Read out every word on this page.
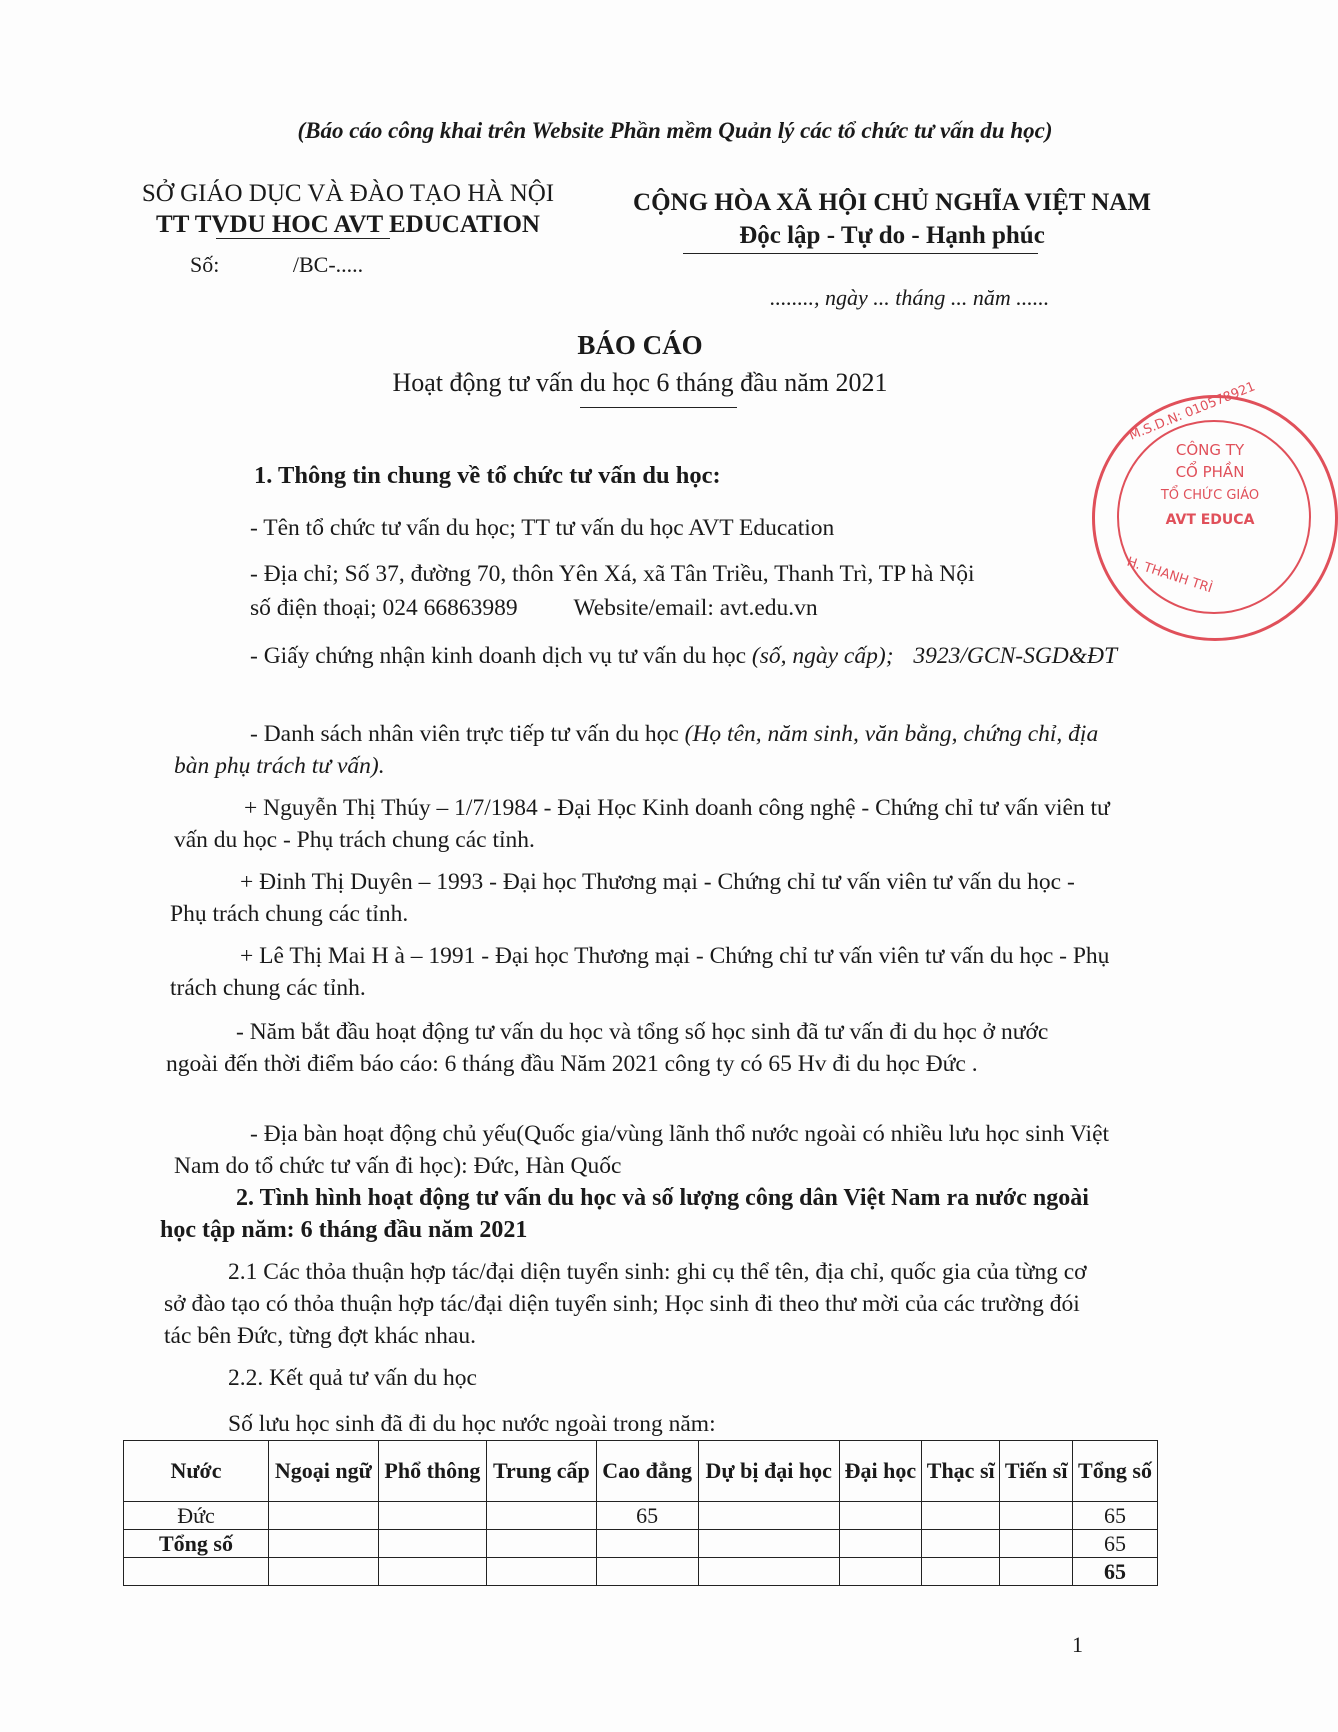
(Báo cáo công khai trên Website Phần mềm Quản lý các tổ chức tư vấn du học)
SỞ GIÁO DỤC VÀ ĐÀO TẠO HÀ NỘI
TT TVDU HOC AVT EDUCATION
Số:	/BC-.....
CỘNG HÒA XÃ HỘI CHỦ NGHĨA VIỆT NAM
Độc lập - Tự do - Hạnh phúc
........, ngày ... tháng ... năm ......
BÁO CÁO
Hoạt động tư vấn du học 6 tháng đầu năm 2021
1. Thông tin chung về tổ chức tư vấn du học:
- Tên tổ chức tư vấn du học; TT tư vấn du học AVT Education
- Địa chỉ; Số 37, đường 70, thôn Yên Xá, xã Tân Triều, Thanh Trì, TP hà Nội
số điện thoại; 024 66863989 Website/email: avt.edu.vn
- Giấy chứng nhận kinh doanh dịch vụ tư vấn du học (số, ngày cấp); 3923/GCN-SGD&ĐT
- Danh sách nhân viên trực tiếp tư vấn du học (Họ tên, năm sinh, văn bằng, chứng chỉ, địa bàn phụ trách tư vấn).
+ Nguyễn Thị Thúy – 1/7/1984 - Đại Học Kinh doanh công nghệ - Chứng chỉ tư vấn viên tư vấn du học - Phụ trách chung các tỉnh.
+ Đinh Thị Duyên – 1993 - Đại học Thương mại - Chứng chỉ tư vấn viên tư vấn du học - Phụ trách chung các tỉnh.
+ Lê Thị Mai H à – 1991 - Đại học Thương mại - Chứng chỉ tư vấn viên tư vấn du học - Phụ trách chung các tỉnh.
- Năm bắt đầu hoạt động tư vấn du học và tổng số học sinh đã tư vấn đi du học ở nước ngoài đến thời điểm báo cáo: 6 tháng đầu Năm 2021 công ty có 65 Hv đi du học Đức .
- Địa bàn hoạt động chủ yếu(Quốc gia/vùng lãnh thổ nước ngoài có nhiều lưu học sinh Việt Nam do tổ chức tư vấn đi học): Đức, Hàn Quốc
2. Tình hình hoạt động tư vấn du học và số lượng công dân Việt Nam ra nước ngoài học tập năm: 6 tháng đầu năm 2021
2.1 Các thỏa thuận hợp tác/đại diện tuyển sinh: ghi cụ thể tên, địa chỉ, quốc gia của từng cơ sở đào tạo có thỏa thuận hợp tác/đại diện tuyển sinh; Học sinh đi theo thư mời của các trường đói tác bên Đức, từng đợt khác nhau.
2.2. Kết quả tư vấn du học
Số lưu học sinh đã đi du học nước ngoài trong năm:
Nước	Ngoại ngữ	Phổ thông	Trung cấp	Cao đẳng	Dự bị đại học	Đại học	Thạc sĩ	Tiến sĩ	Tổng số
Đức				65					65
Tổng số									65
									65
1
M.S.D.N: 010578921
CÔNG TY
CỔ PHẦN
TỔ CHỨC GIÁO
AVT EDUCA
H. THANH TRÌ
